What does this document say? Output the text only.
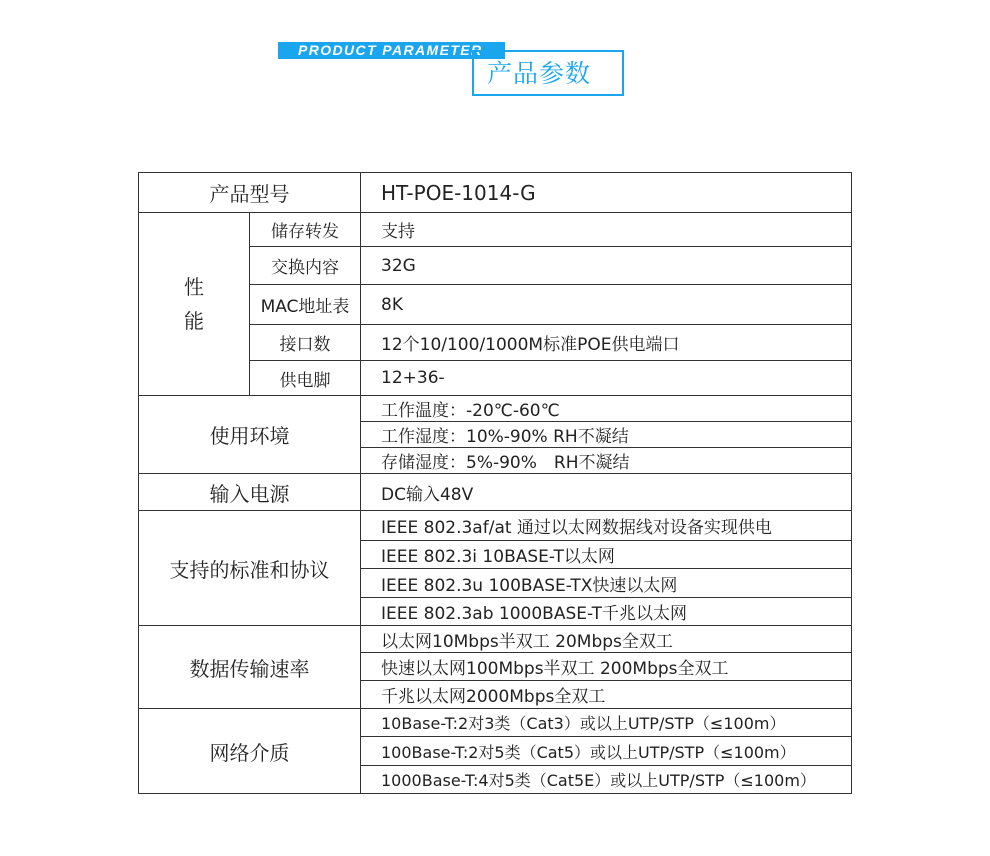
PRODUCT PARAMETER
产品参数
产品型号		HT-POE-1014-G

性
能	储存转发	支持
	交换内容	32G
	MAC地址表	8K
	接口数	12个10/100/1000M标准POE供电端口
	供电脚	12+36-
使用环境		工作温度：-20℃-60℃
		工作湿度：10%-90% RH不凝结
		存储湿度：5%-90%　RH不凝结
输入电源		DC输入48V
支持的标准和协议		IEEE 802.3af/at 通过以太网数据线对设备实现供电
		IEEE 802.3i 10BASE-T以太网
		IEEE 802.3u 100BASE-TX快速以太网
		IEEE 802.3ab 1000BASE-T千兆以太网
数据传输速率		以太网10Mbps半双工 20Mbps全双工
		快速以太网100Mbps半双工 200Mbps全双工
		千兆以太网2000Mbps全双工
网络介质		10Base-T:2对3类（Cat3）或以上UTP/STP（≤100m）
		100Base-T:2对5类（Cat5）或以上UTP/STP（≤100m）
		1000Base-T:4对5类（Cat5E）或以上UTP/STP（≤100m）
